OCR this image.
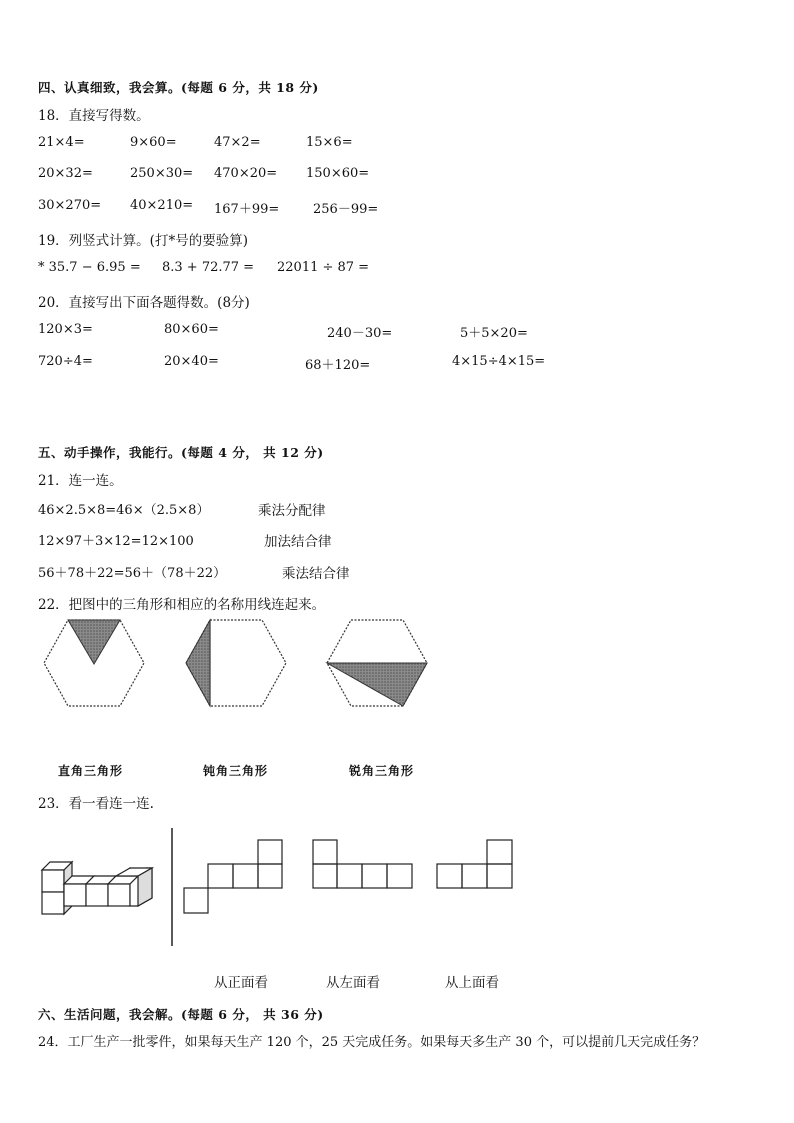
四、认真细致，我会算。(每题 6 分，共 18 分)
18．直接写得数。
21×4=	9×60=	47×2=	15×6=
20×32=	250×30= 470×20= 150×60=
30×270= 40×210= 167＋99=	256－99=
19．列竖式计算。(打*号的要验算)
* 35.7 − 6.95 = 8.3 + 72.77 = 22011 ÷ 87 =
20．直接写出下面各题得数。(8分)
120×3=	80×60=	240－30=	5＋5×20=
720÷4=	20×40=	68＋120=	4×15÷4×15=
五、动手操作，我能行。(每题 4 分， 共 12 分)
21．连一连。
46×2.5×8=46×（2.5×8）	乘法分配律
12×97＋3×12=12×100	加法结合律
56＋78＋22=56＋（78＋22）	乘法结合律
22．把图中的三角形和相应的名称用线连起来。
直角三角形	钝角三角形	锐角三角形
23．看一看连一连.
从正面看	从左面看	从上面看
六、生活问题，我会解。(每题 6 分， 共 36 分)
24．工厂生产一批零件，如果每天生产 120 个，25 天完成任务。如果每天多生产 30 个，可以提前几天完成任务？
